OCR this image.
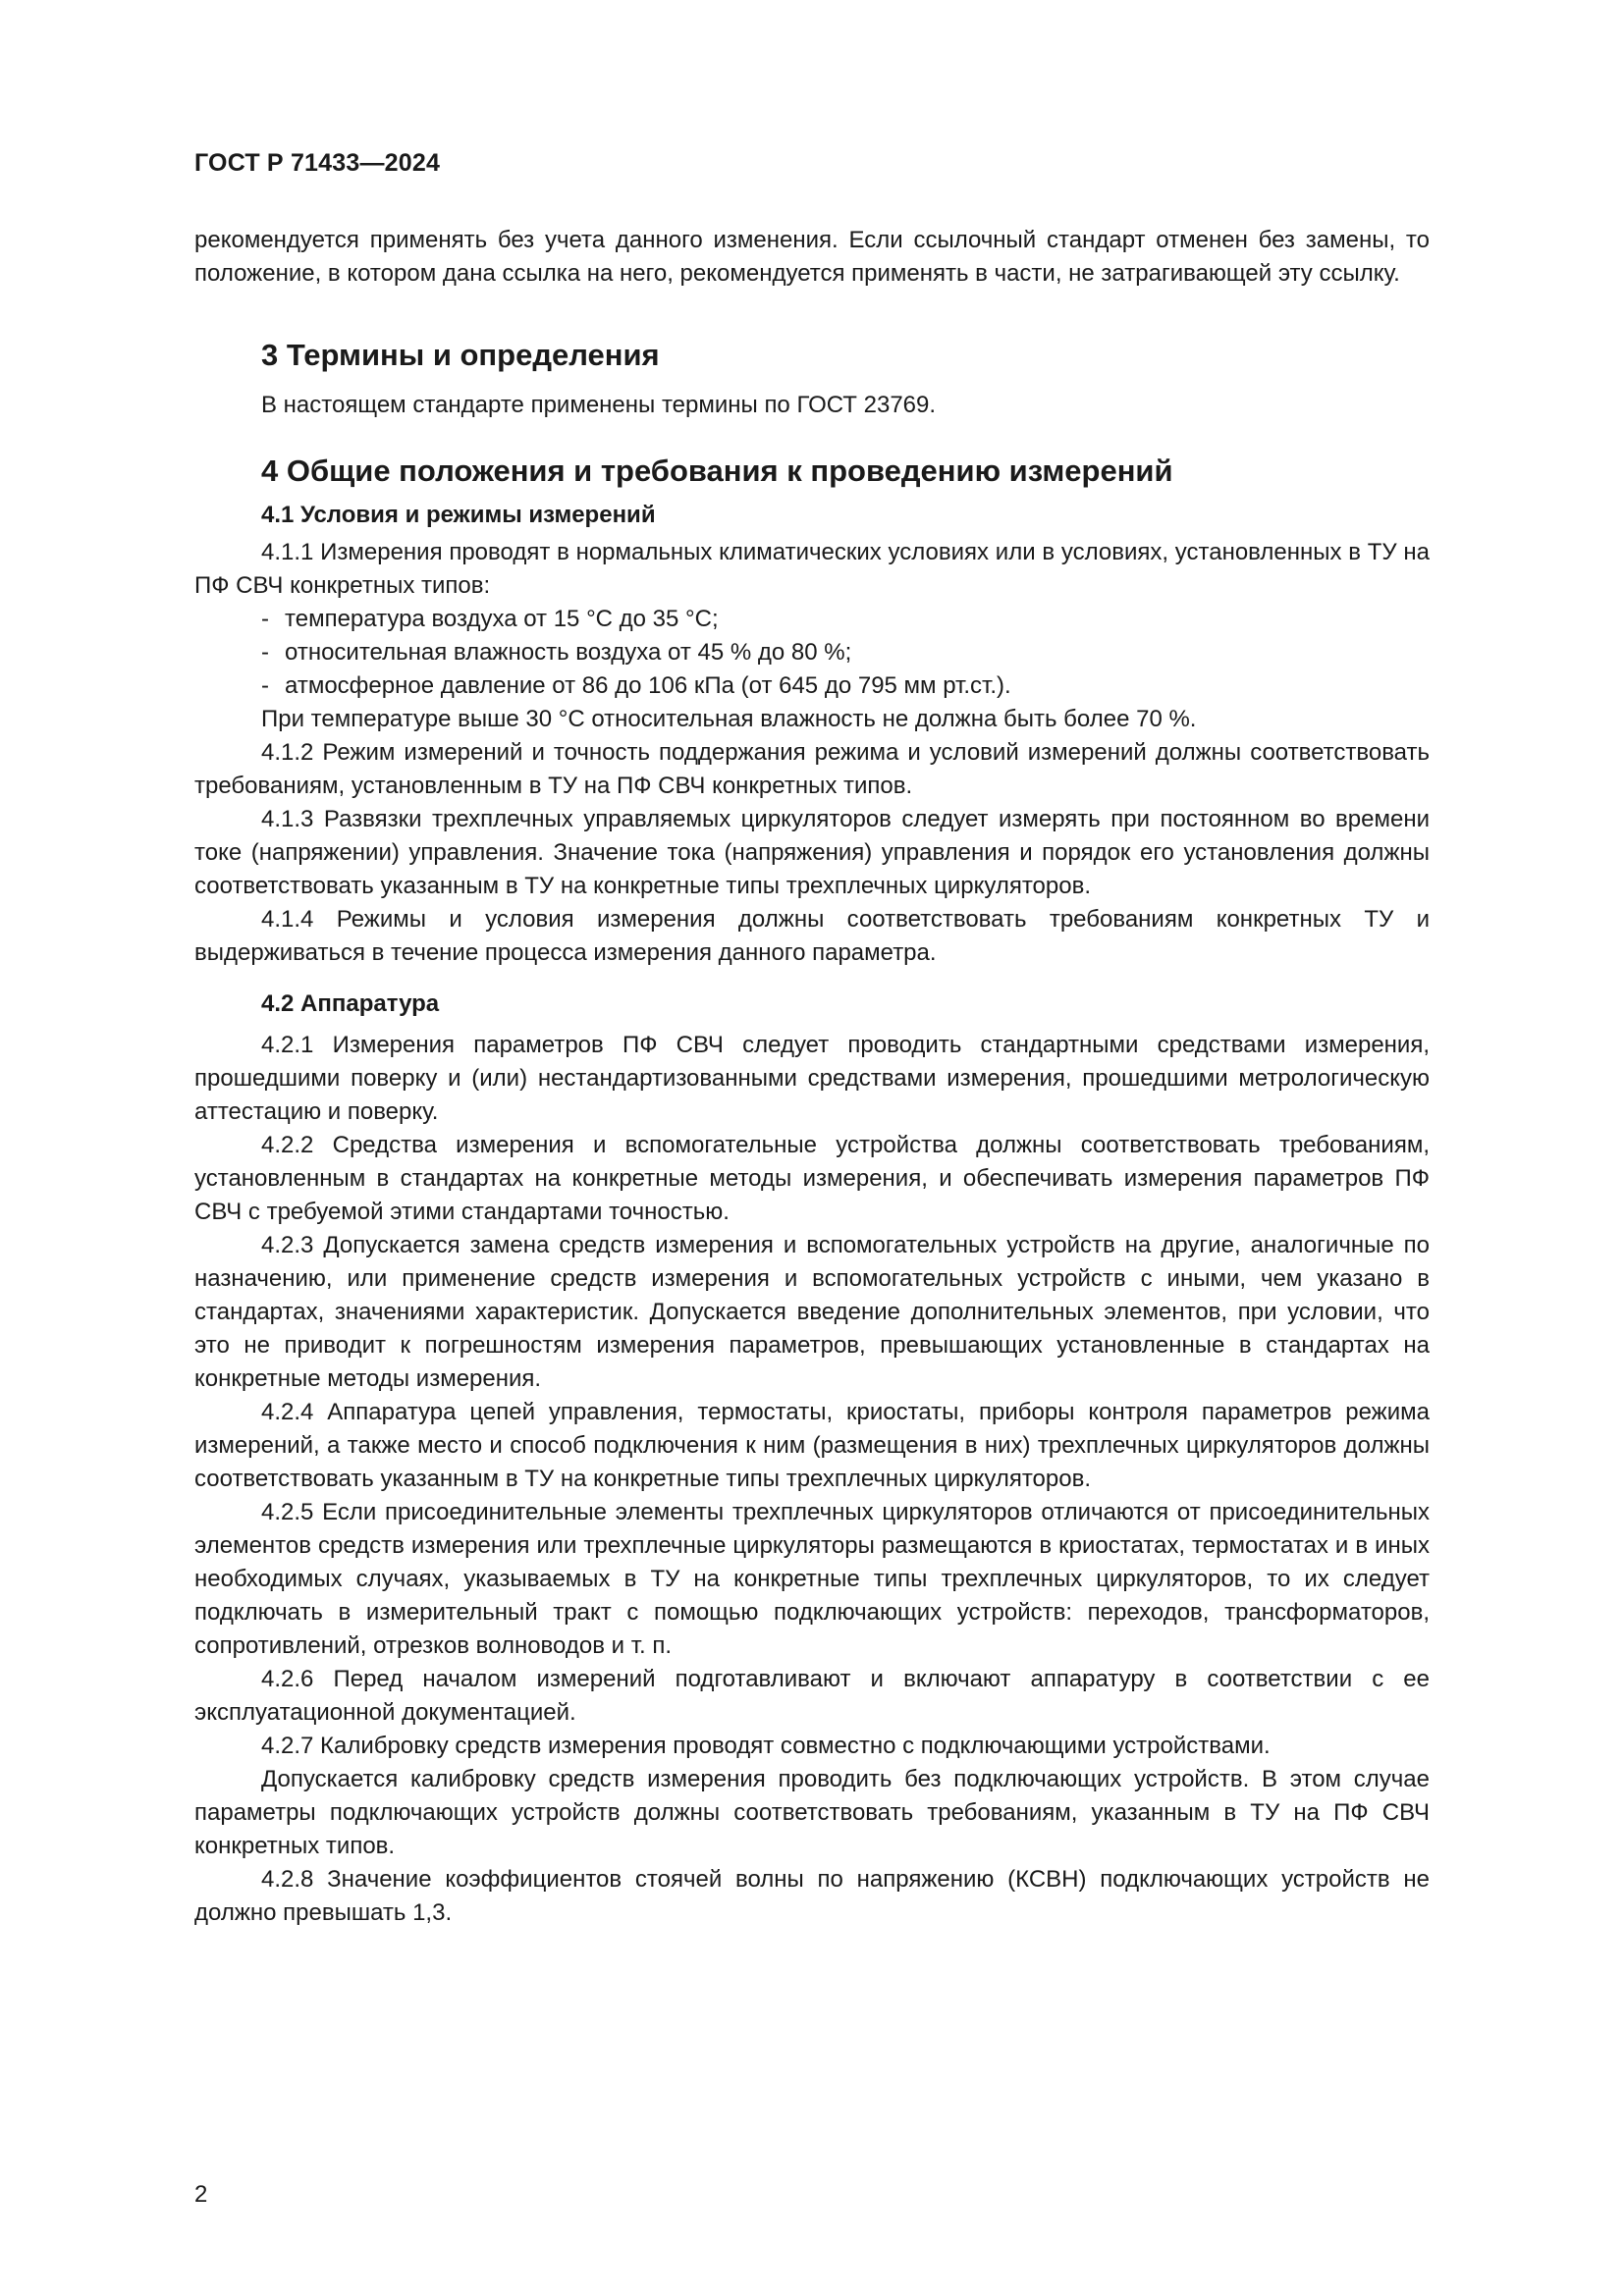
ГОСТ Р 71433—2024

рекомендуется применять без учета данного изменения. Если ссылочный стандарт отменен без замены, то положение, в котором дана ссылка на него, рекомендуется применять в части, не затрагивающей эту ссылку.

3 Термины и определения

В настоящем стандарте применены термины по ГОСТ 23769.

4 Общие положения и требования к проведению измерений
4.1 Условия и режимы измерений

4.1.1 Измерения проводят в нормальных климатических условиях или в условиях, установленных в ТУ на ПФ СВЧ конкретных типов:

- температура воздуха от 15 °С до 35 °С;

- относительная влажность воздуха от 45 % до 80 %;

- атмосферное давление от 86 до 106 кПа (от 645 до 795 мм рт.ст.).

При температуре выше 30 °С относительная влажность не должна быть более 70 %.

4.1.2 Режим измерений и точность поддержания режима и условий измерений должны соответствовать требованиям, установленным в ТУ на ПФ СВЧ конкретных типов.

4.1.3 Развязки трехплечных управляемых циркуляторов следует измерять при постоянном во времени токе (напряжении) управления. Значение тока (напряжения) управления и порядок его установления должны соответствовать указанным в ТУ на конкретные типы трехплечных циркуляторов.

4.1.4 Режимы и условия измерения должны соответствовать требованиям конкретных ТУ и выдерживаться в течение процесса измерения данного параметра.

4.2 Аппаратура

4.2.1 Измерения параметров ПФ СВЧ следует проводить стандартными средствами измерения, прошедшими поверку и (или) нестандартизованными средствами измерения, прошедшими метрологическую аттестацию и поверку.

4.2.2 Средства измерения и вспомогательные устройства должны соответствовать требованиям, установленным в стандартах на конкретные методы измерения, и обеспечивать измерения параметров ПФ СВЧ с требуемой этими стандартами точностью.

4.2.3 Допускается замена средств измерения и вспомогательных устройств на другие, аналогичные по назначению, или применение средств измерения и вспомогательных устройств с иными, чем указано в стандартах, значениями характеристик. Допускается введение дополнительных элементов, при условии, что это не приводит к погрешностям измерения параметров, превышающих установленные в стандартах на конкретные методы измерения.

4.2.4 Аппаратура цепей управления, термостаты, криостаты, приборы контроля параметров режима измерений, а также место и способ подключения к ним (размещения в них) трехплечных циркуляторов должны соответствовать указанным в ТУ на конкретные типы трехплечных циркуляторов.

4.2.5 Если присоединительные элементы трехплечных циркуляторов отличаются от присоединительных элементов средств измерения или трехплечные циркуляторы размещаются в криостатах, термостатах и в иных необходимых случаях, указываемых в ТУ на конкретные типы трехплечных циркуляторов, то их следует подключать в измерительный тракт с помощью подключающих устройств: переходов, трансформаторов, сопротивлений, отрезков волноводов и т. п.

4.2.6 Перед началом измерений подготавливают и включают аппаратуру в соответствии с ее эксплуатационной документацией.

4.2.7 Калибровку средств измерения проводят совместно с подключающими устройствами.

Допускается калибровку средств измерения проводить без подключающих устройств. В этом случае параметры подключающих устройств должны соответствовать требованиям, указанным в ТУ на ПФ СВЧ конкретных типов.

4.2.8 Значение коэффициентов стоячей волны по напряжению (КСВН) подключающих устройств не должно превышать 1,3.

2
